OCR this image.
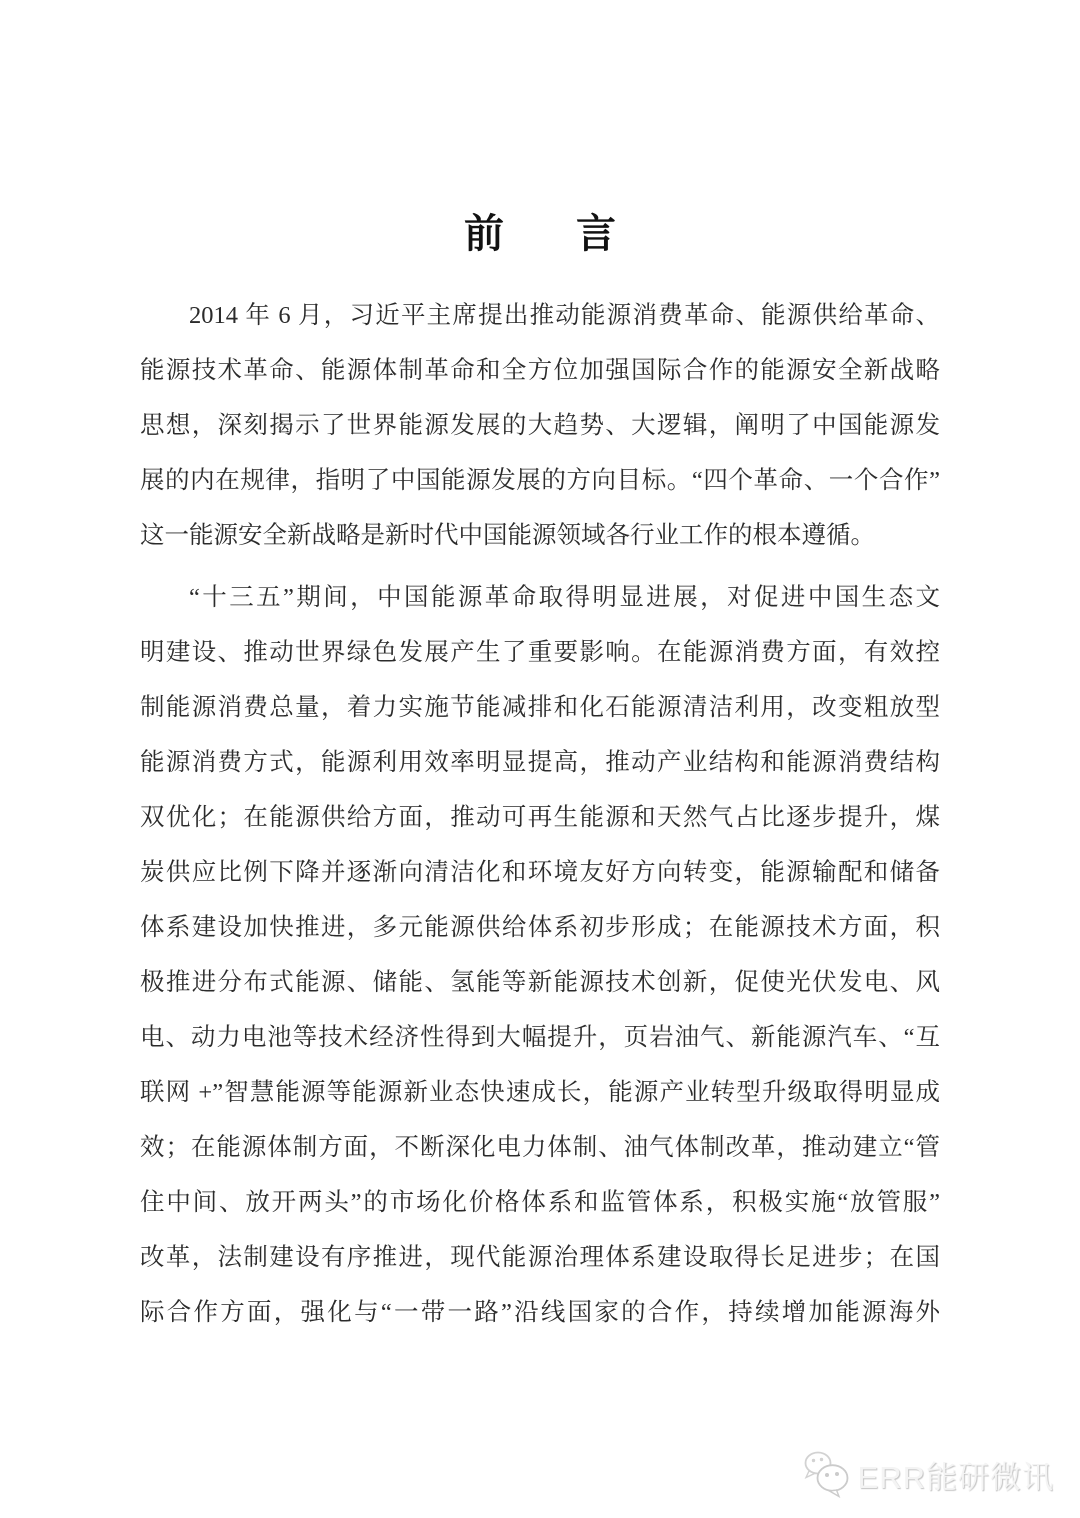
前 言
2014 年 6 月，习近平主席提出推动能源消费革命、能源供给革命、
能源技术革命、能源体制革命和全方位加强国际合作的能源安全新战略
思想，深刻揭示了世界能源发展的大趋势、大逻辑，阐明了中国能源发
展的内在规律，指明了中国能源发展的方向目标。“四个革命、一个合作”
这一能源安全新战略是新时代中国能源领域各行业工作的根本遵循。
“十三五”期间，中国能源革命取得明显进展，对促进中国生态文
明建设、推动世界绿色发展产生了重要影响。在能源消费方面，有效控
制能源消费总量，着力实施节能减排和化石能源清洁利用，改变粗放型
能源消费方式，能源利用效率明显提高，推动产业结构和能源消费结构
双优化；在能源供给方面，推动可再生能源和天然气占比逐步提升，煤
炭供应比例下降并逐渐向清洁化和环境友好方向转变，能源输配和储备
体系建设加快推进，多元能源供给体系初步形成；在能源技术方面，积
极推进分布式能源、储能、氢能等新能源技术创新，促使光伏发电、风
电、动力电池等技术经济性得到大幅提升，页岩油气、新能源汽车、“互
联网 +”智慧能源等能源新业态快速成长，能源产业转型升级取得明显成
效；在能源体制方面，不断深化电力体制、油气体制改革，推动建立“管
住中间、放开两头”的市场化价格体系和监管体系，积极实施“放管服”
改革，法制建设有序推进，现代能源治理体系建设取得长足进步；在国
际合作方面，强化与“一带一路”沿线国家的合作，持续增加能源海外
ERR能研微讯
